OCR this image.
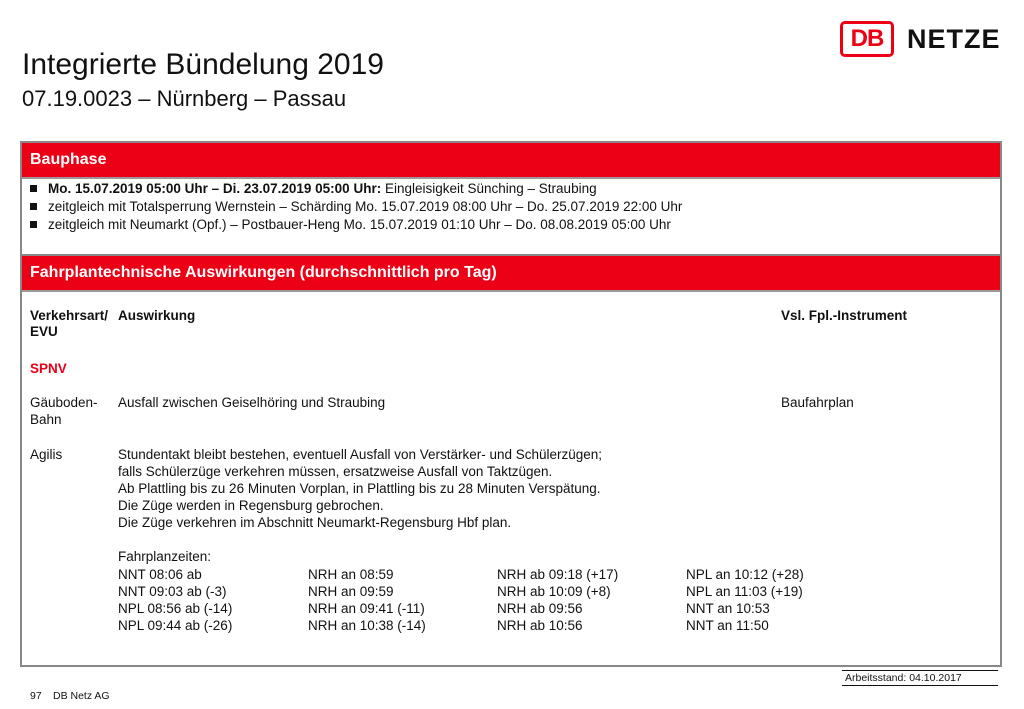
Integrierte Bündelung 2019
07.19.0023 – Nürnberg – Passau
DB NETZE
Bauphase
Mo. 15.07.2019 05:00 Uhr – Di. 23.07.2019 05:00 Uhr: Eingleisigkeit Sünching – Straubing
zeitgleich mit Totalsperrung Wernstein – Schärding Mo. 15.07.2019 08:00 Uhr – Do. 25.07.2019 22:00 Uhr
zeitgleich mit Neumarkt (Opf.) – Postbauer-Heng Mo. 15.07.2019 01:10 Uhr – Do. 08.08.2019 05:00 Uhr
Fahrplantechnische Auswirkungen (durchschnittlich pro Tag)
Verkehrsart/
EVU
Auswirkung	Vsl. Fpl.-Instrument
SPNV
Gäuboden-
Bahn
Ausfall zwischen Geiselhöring und Straubing	Baufahrplan
Agilis	Stundentakt bleibt bestehen, eventuell Ausfall von Verstärker- und Schülerzügen;
falls Schülerzüge verkehren müssen, ersatzweise Ausfall von Taktzügen.
Ab Plattling bis zu 26 Minuten Vorplan, in Plattling bis zu 28 Minuten Verspätung.
Die Züge werden in Regensburg gebrochen.
Die Züge verkehren im Abschnitt Neumarkt-Regensburg Hbf plan.
Fahrplanzeiten:
NNT 08:06 ab	NRH an 08:59	NRH ab 09:18 (+17)	NPL an 10:12 (+28)
NNT 09:03 ab (-3)	NRH an 09:59	NRH ab 10:09 (+8)	NPL an 11:03 (+19)
NPL 08:56 ab (-14)	NRH an 09:41 (-11)	NRH ab 09:56	NNT an 10:53
NPL 09:44 ab (-26)	NRH an 10:38 (-14)	NRH ab 10:56	NNT an 11:50
Arbeitsstand: 04.10.2017
97 DB Netz AG
